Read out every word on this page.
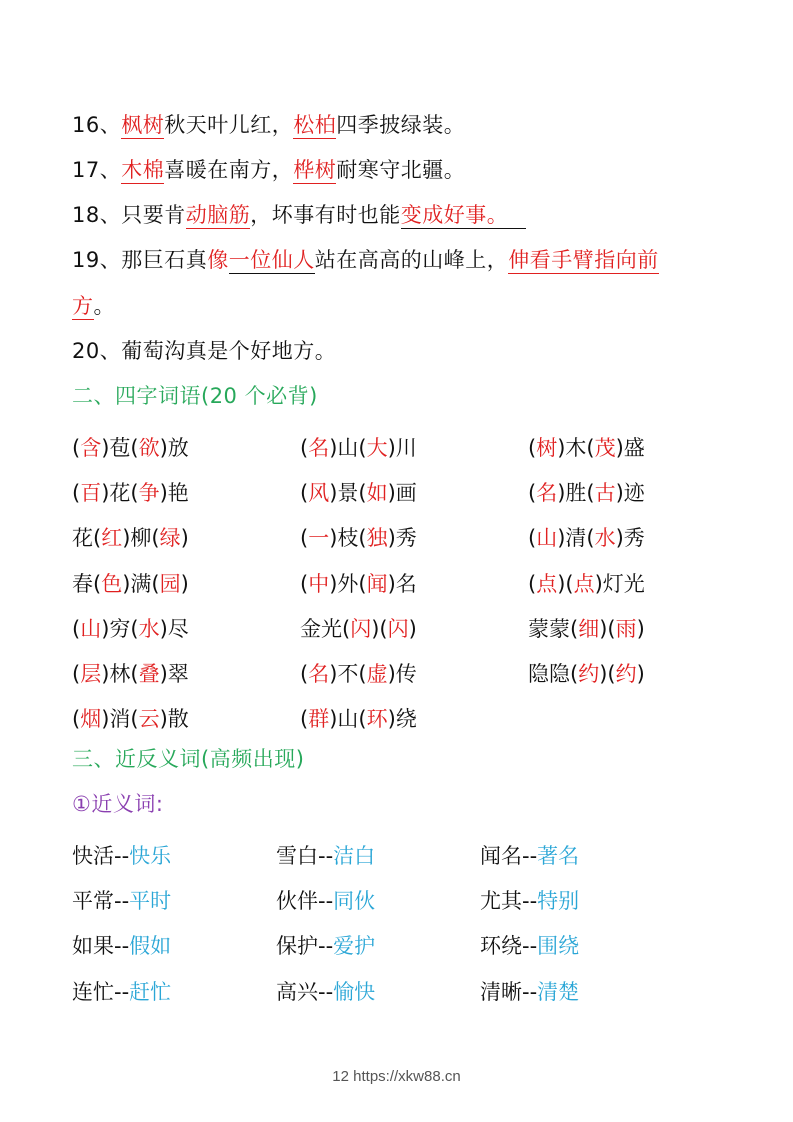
16、枫树秋天叶儿红，松柏四季披绿装。
17、木棉喜暖在南方，桦树耐寒守北疆。
18、只要肯动脑筋，坏事有时也能变成好事。
19、那巨石真像一位仙人站在高高的山峰上，伸看手臂指向前
方。
20、葡萄沟真是个好地方。
二、四字词语(20 个必背)
(含)苞(欲)放	(名)山(大)川	(树)木(茂)盛
(百)花(争)艳	(风)景(如)画	(名)胜(古)迹
花(红)柳(绿)	(一)枝(独)秀	(山)清(水)秀
春(色)满(园)	(中)外(闻)名	(点)(点)灯光
(山)穷(水)尽	金光(闪)(闪)	蒙蒙(细)(雨)
(层)林(叠)翠	(名)不(虚)传	隐隐(约)(约)
(烟)消(云)散	(群)山(环)绕
三、近反义词(高频出现)
①近义词:
快活--快乐	雪白--洁白	闻名--著名
平常--平时	伙伴--同伙	尤其--特别
如果--假如	保护--爱护	环绕--围绕
连忙--赶忙	高兴--愉快	清晰--清楚
12 https://xkw88.cn
